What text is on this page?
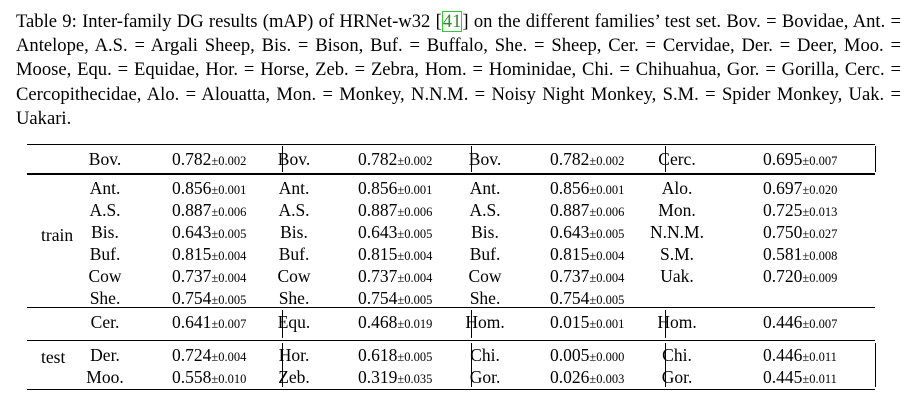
Table 9: Inter-family DG results (mAP) of HRNet-w32 [41] on the different families’ test set. Bov. = Bovidae, Ant. = Antelope, A.S. = Argali Sheep, Bis. = Bison, Buf. = Buffalo, She. = Sheep, Cer. = Cervidae, Der. = Deer, Moo. = Moose, Equ. = Equidae, Hor. = Horse, Zeb. = Zebra, Hom. = Hominidae, Chi. = Chihuahua, Gor. = Gorilla, Cerc. = Cercopithecidae, Alo. = Alouatta, Mon. = Monkey, N.N.M. = Noisy Night Monkey, S.M. = Spider Monkey, Uak. = Uakari.
train
test
Bov.	0.782±0.002	Bov.	0.782±0.002	Bov.	0.782±0.002	Cerc.	0.695±0.007
Ant.	0.856±0.001	Ant.	0.856±0.001	Ant.	0.856±0.001	Alo.	0.697±0.020
A.S.	0.887±0.006	A.S.	0.887±0.006	A.S.	0.887±0.006	Mon.	0.725±0.013
Bis.	0.643±0.005	Bis.	0.643±0.005	Bis.	0.643±0.005	N.N.M.	0.750±0.027
Buf.	0.815±0.004	Buf.	0.815±0.004	Buf.	0.815±0.004	S.M.	0.581±0.008
Cow	0.737±0.004	Cow	0.737±0.004	Cow	0.737±0.004	Uak.	0.720±0.009
She.	0.754±0.005	She.	0.754±0.005	She.	0.754±0.005
Cer.	0.641±0.007	Equ.	0.468±0.019	Hom.	0.015±0.001	Hom.	0.446±0.007
Der.	0.724±0.004	Hor.	0.618±0.005	Chi.	0.005±0.000	Chi.	0.446±0.011
Moo.	0.558±0.010	Zeb.	0.319±0.035	Gor.	0.026±0.003	Gor.	0.445±0.011
